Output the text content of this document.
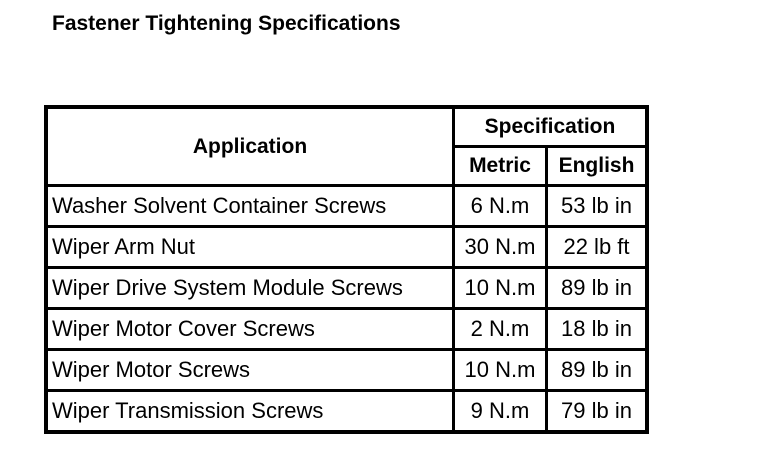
Fastener Tightening Specifications
Application	Specification	
	Metric	English
Washer Solvent Container Screws	6 N.m	53 lb in
Wiper Arm Nut	30 N.m	22 lb ft
Wiper Drive System Module Screws	10 N.m	89 lb in
Wiper Motor Cover Screws	2 N.m	18 lb in
Wiper Motor Screws	10 N.m	89 lb in
Wiper Transmission Screws	9 N.m	79 lb in
